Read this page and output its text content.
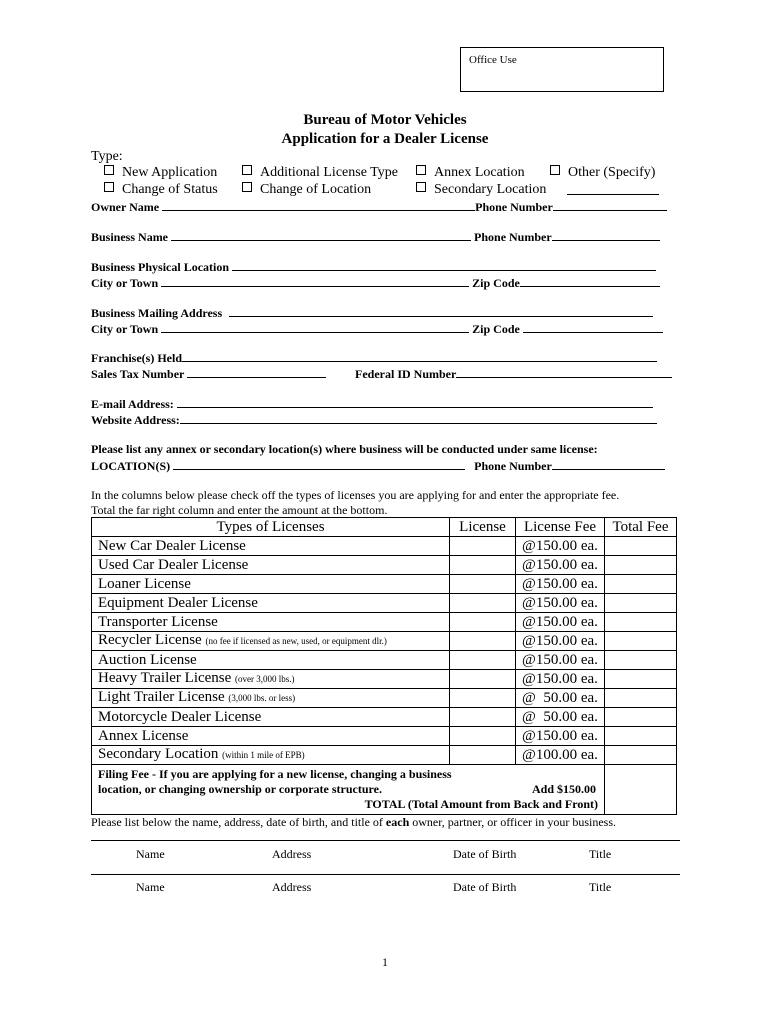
Office Use
Bureau of Motor Vehicles
Application for a Dealer License
Type:
New Application	Additional License Type	Annex Location	Other (Specify)
Change of Status	Change of Location	Secondary Location
Owner Name	Phone Number
Business Name	Phone Number
Business Physical Location
City or Town	Zip Code
Business Mailing Address
City or Town	Zip Code
Franchise(s) Held
Sales Tax Number	Federal ID Number
E-mail Address:
Website Address:
Please list any annex or secondary location(s) where business will be conducted under same license:
LOCATION(S)	Phone Number
In the columns below please check off the types of licenses you are applying for and enter the appropriate fee.
Total the far right column and enter the amount at the bottom.
Types of Licenses	License	License Fee	Total Fee
New Car Dealer License		@150.00 ea.	
Used Car Dealer License		@150.00 ea.	
Loaner License		@150.00 ea.	
Equipment Dealer License		@150.00 ea.	
Transporter License		@150.00 ea.	
Recycler License (no fee if licensed as new, used, or equipment dlr.)		@150.00 ea.	
Auction License		@150.00 ea.	
Heavy Trailer License (over 3,000 lbs.)		@150.00 ea.	
Light Trailer License (3,000 lbs. or less)		@  50.00 ea.	
Motorcycle Dealer License		@  50.00 ea.	
Annex License		@150.00 ea.	
Secondary Location (within 1 mile of EPB)		@100.00 ea.	

Filing Fee - If you are applying for a new license, changing a business
location, or changing ownership or corporate structure. Add $150.00
TOTAL (Total Amount from Back and Front)			

Please list below the name, address, date of birth, and title of each owner, partner, or officer in your business.
Name	Address	Date of Birth	Title
Name	Address	Date of Birth	Title
1
